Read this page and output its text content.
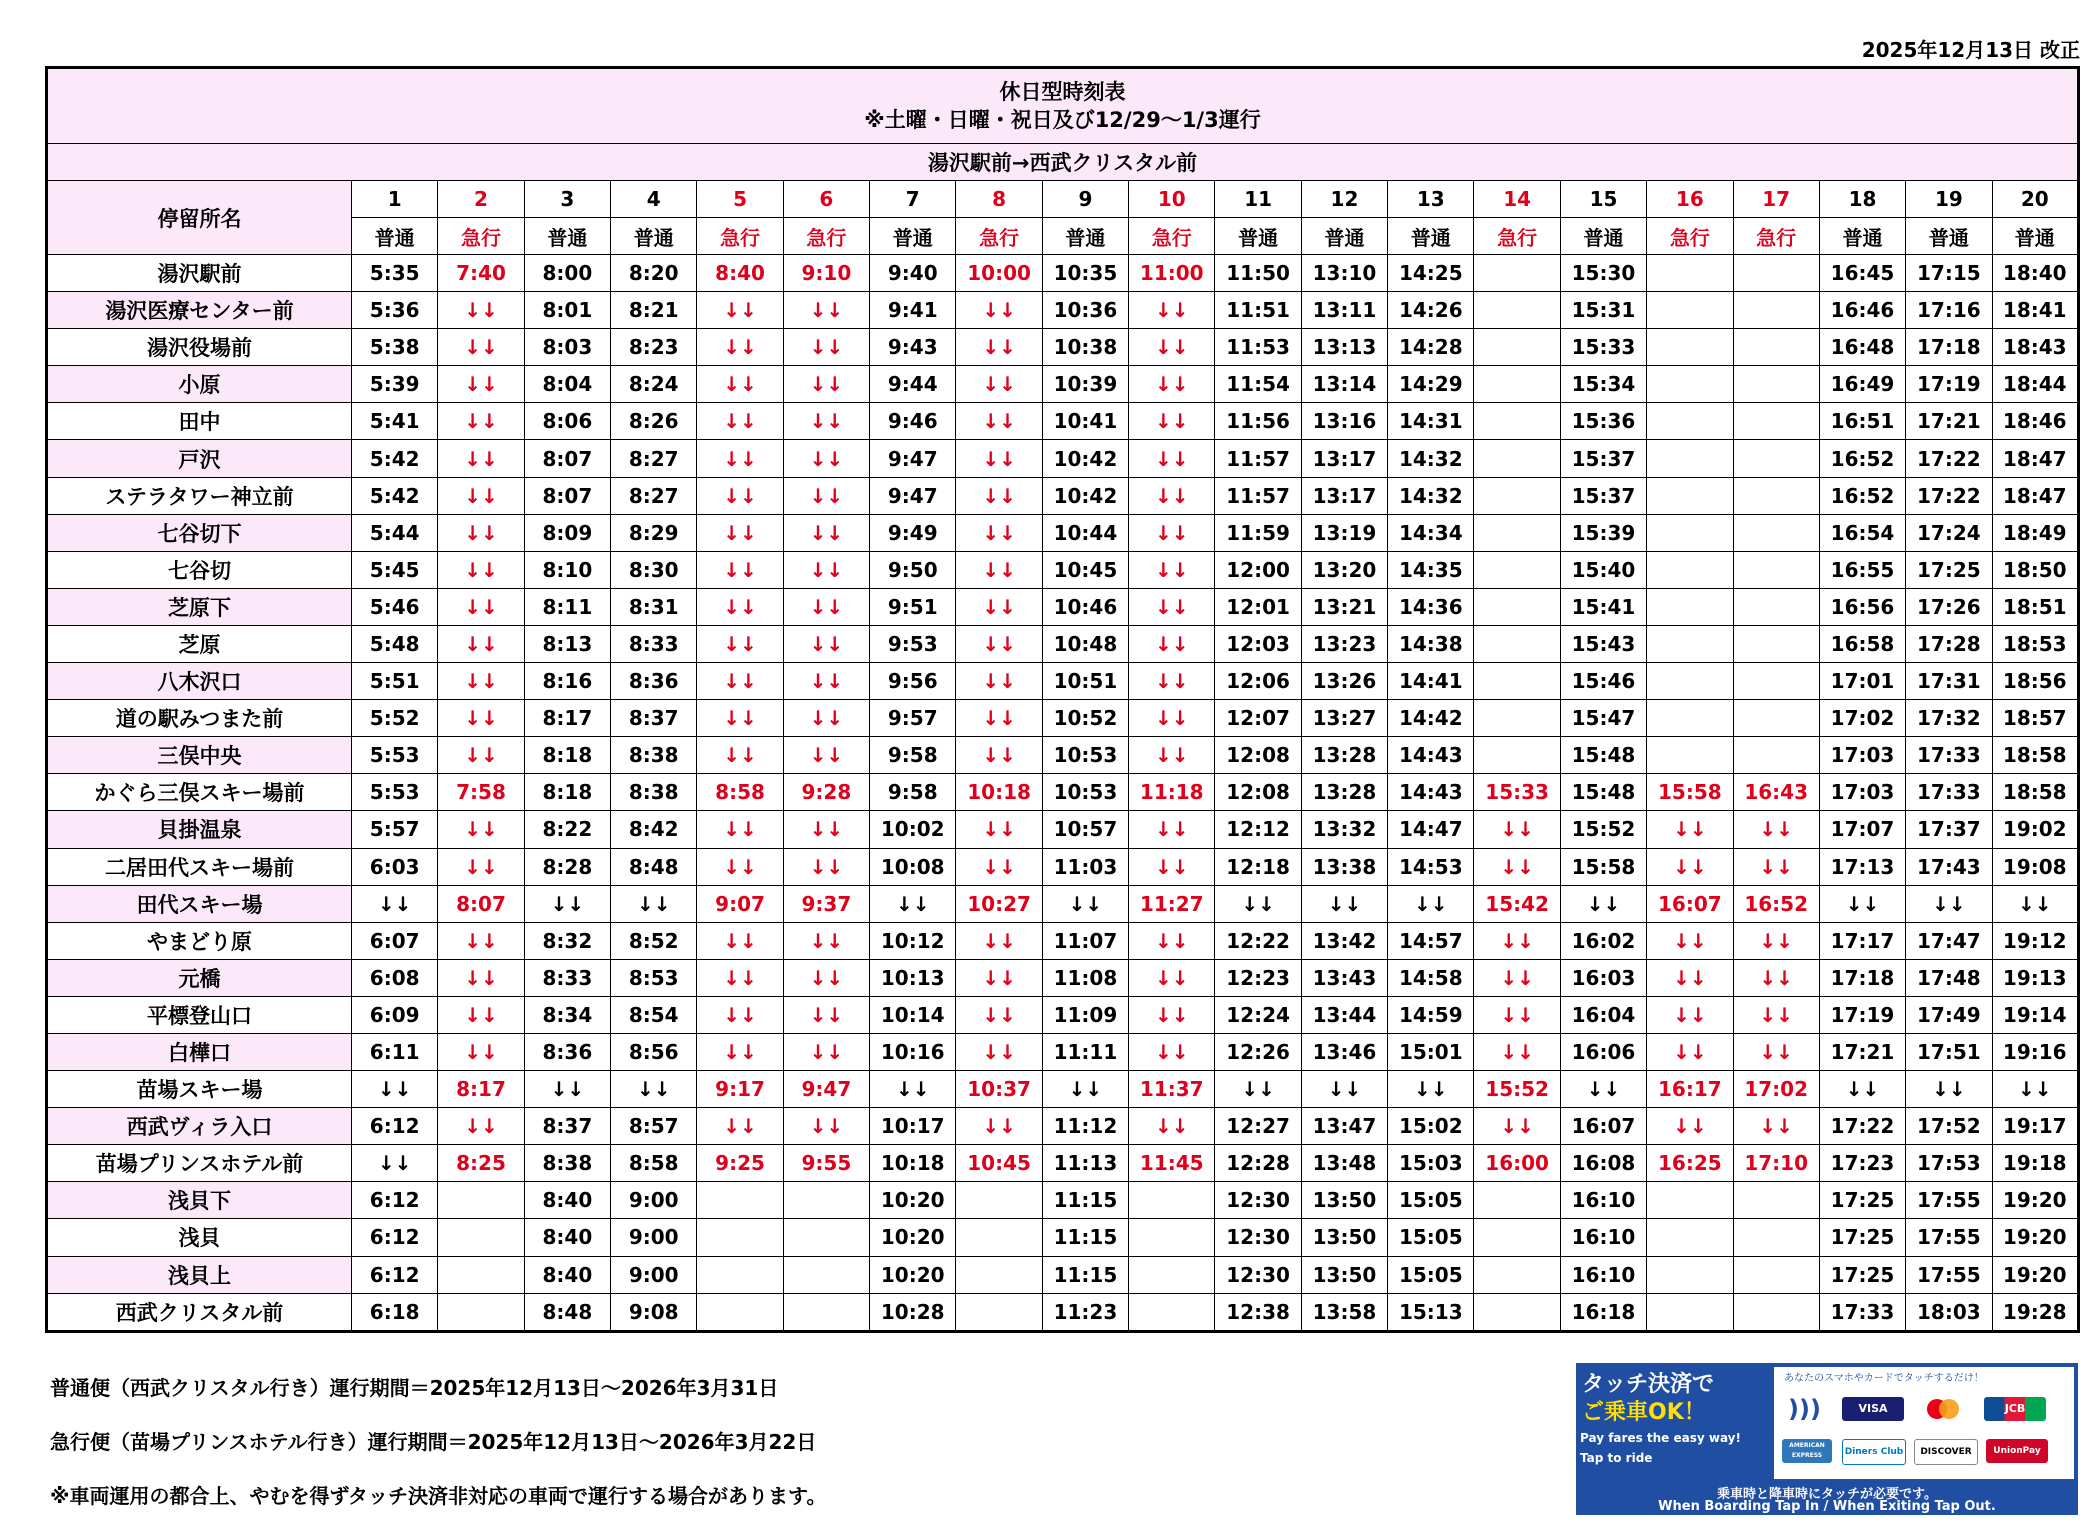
2025年12月13日 改正
休日型時刻表
※土曜・日曜・祝日及び12/29～1/3運行																				

湯沢駅前→西武クリスタル前																				
停留所名	1	2	3	4	5	6	7	8	9	10	11	12	13	14	15	16	17	18	19	20
	普通	急行	普通	普通	急行	急行	普通	急行	普通	急行	普通	普通	普通	急行	普通	急行	急行	普通	普通	普通
湯沢駅前	5:35	7:40	8:00	8:20	8:40	9:10	9:40	10:00	10:35	11:00	11:50	13:10	14:25		15:30			16:45	17:15	18:40
湯沢医療センター前	5:36	↓↓	8:01	8:21	↓↓	↓↓	9:41	↓↓	10:36	↓↓	11:51	13:11	14:26		15:31			16:46	17:16	18:41
湯沢役場前	5:38	↓↓	8:03	8:23	↓↓	↓↓	9:43	↓↓	10:38	↓↓	11:53	13:13	14:28		15:33			16:48	17:18	18:43
小原	5:39	↓↓	8:04	8:24	↓↓	↓↓	9:44	↓↓	10:39	↓↓	11:54	13:14	14:29		15:34			16:49	17:19	18:44
田中	5:41	↓↓	8:06	8:26	↓↓	↓↓	9:46	↓↓	10:41	↓↓	11:56	13:16	14:31		15:36			16:51	17:21	18:46
戸沢	5:42	↓↓	8:07	8:27	↓↓	↓↓	9:47	↓↓	10:42	↓↓	11:57	13:17	14:32		15:37			16:52	17:22	18:47
ステラタワー神立前	5:42	↓↓	8:07	8:27	↓↓	↓↓	9:47	↓↓	10:42	↓↓	11:57	13:17	14:32		15:37			16:52	17:22	18:47
七谷切下	5:44	↓↓	8:09	8:29	↓↓	↓↓	9:49	↓↓	10:44	↓↓	11:59	13:19	14:34		15:39			16:54	17:24	18:49
七谷切	5:45	↓↓	8:10	8:30	↓↓	↓↓	9:50	↓↓	10:45	↓↓	12:00	13:20	14:35		15:40			16:55	17:25	18:50
芝原下	5:46	↓↓	8:11	8:31	↓↓	↓↓	9:51	↓↓	10:46	↓↓	12:01	13:21	14:36		15:41			16:56	17:26	18:51
芝原	5:48	↓↓	8:13	8:33	↓↓	↓↓	9:53	↓↓	10:48	↓↓	12:03	13:23	14:38		15:43			16:58	17:28	18:53
八木沢口	5:51	↓↓	8:16	8:36	↓↓	↓↓	9:56	↓↓	10:51	↓↓	12:06	13:26	14:41		15:46			17:01	17:31	18:56
道の駅みつまた前	5:52	↓↓	8:17	8:37	↓↓	↓↓	9:57	↓↓	10:52	↓↓	12:07	13:27	14:42		15:47			17:02	17:32	18:57
三俣中央	5:53	↓↓	8:18	8:38	↓↓	↓↓	9:58	↓↓	10:53	↓↓	12:08	13:28	14:43		15:48			17:03	17:33	18:58
かぐら三俣スキー場前	5:53	7:58	8:18	8:38	8:58	9:28	9:58	10:18	10:53	11:18	12:08	13:28	14:43	15:33	15:48	15:58	16:43	17:03	17:33	18:58
貝掛温泉	5:57	↓↓	8:22	8:42	↓↓	↓↓	10:02	↓↓	10:57	↓↓	12:12	13:32	14:47	↓↓	15:52	↓↓	↓↓	17:07	17:37	19:02
二居田代スキー場前	6:03	↓↓	8:28	8:48	↓↓	↓↓	10:08	↓↓	11:03	↓↓	12:18	13:38	14:53	↓↓	15:58	↓↓	↓↓	17:13	17:43	19:08
田代スキー場	↓↓	8:07	↓↓	↓↓	9:07	9:37	↓↓	10:27	↓↓	11:27	↓↓	↓↓	↓↓	15:42	↓↓	16:07	16:52	↓↓	↓↓	↓↓
やまどり原	6:07	↓↓	8:32	8:52	↓↓	↓↓	10:12	↓↓	11:07	↓↓	12:22	13:42	14:57	↓↓	16:02	↓↓	↓↓	17:17	17:47	19:12
元橋	6:08	↓↓	8:33	8:53	↓↓	↓↓	10:13	↓↓	11:08	↓↓	12:23	13:43	14:58	↓↓	16:03	↓↓	↓↓	17:18	17:48	19:13
平標登山口	6:09	↓↓	8:34	8:54	↓↓	↓↓	10:14	↓↓	11:09	↓↓	12:24	13:44	14:59	↓↓	16:04	↓↓	↓↓	17:19	17:49	19:14
白樺口	6:11	↓↓	8:36	8:56	↓↓	↓↓	10:16	↓↓	11:11	↓↓	12:26	13:46	15:01	↓↓	16:06	↓↓	↓↓	17:21	17:51	19:16
苗場スキー場	↓↓	8:17	↓↓	↓↓	9:17	9:47	↓↓	10:37	↓↓	11:37	↓↓	↓↓	↓↓	15:52	↓↓	16:17	17:02	↓↓	↓↓	↓↓
西武ヴィラ入口	6:12	↓↓	8:37	8:57	↓↓	↓↓	10:17	↓↓	11:12	↓↓	12:27	13:47	15:02	↓↓	16:07	↓↓	↓↓	17:22	17:52	19:17
苗場プリンスホテル前	↓↓	8:25	8:38	8:58	9:25	9:55	10:18	10:45	11:13	11:45	12:28	13:48	15:03	16:00	16:08	16:25	17:10	17:23	17:53	19:18
浅貝下	6:12		8:40	9:00			10:20		11:15		12:30	13:50	15:05		16:10			17:25	17:55	19:20
浅貝	6:12		8:40	9:00			10:20		11:15		12:30	13:50	15:05		16:10			17:25	17:55	19:20
浅貝上	6:12		8:40	9:00			10:20		11:15		12:30	13:50	15:05		16:10			17:25	17:55	19:20
西武クリスタル前	6:18		8:48	9:08			10:28		11:23		12:38	13:58	15:13		16:18			17:33	18:03	19:28
普通便（西武クリスタル行き）運行期間＝2025年12月13日～2026年3月31日
急行便（苗場プリンスホテル行き）運行期間＝2025年12月13日～2026年3月22日
※車両運用の都合上、やむを得ずタッチ決済非対応の車両で運行する場合があります。
タッチ決済で
ご乗車OK！
Pay fares the easy way!
Tap to ride
あなたのスマホやカードでタッチするだけ！
)))	VISA	JCB
AMERICAN EXPRESS	Diners Club	DISCOVER	UnionPay
乗車時と降車時にタッチが必要です。
When Boarding Tap In / When Exiting Tap Out.
